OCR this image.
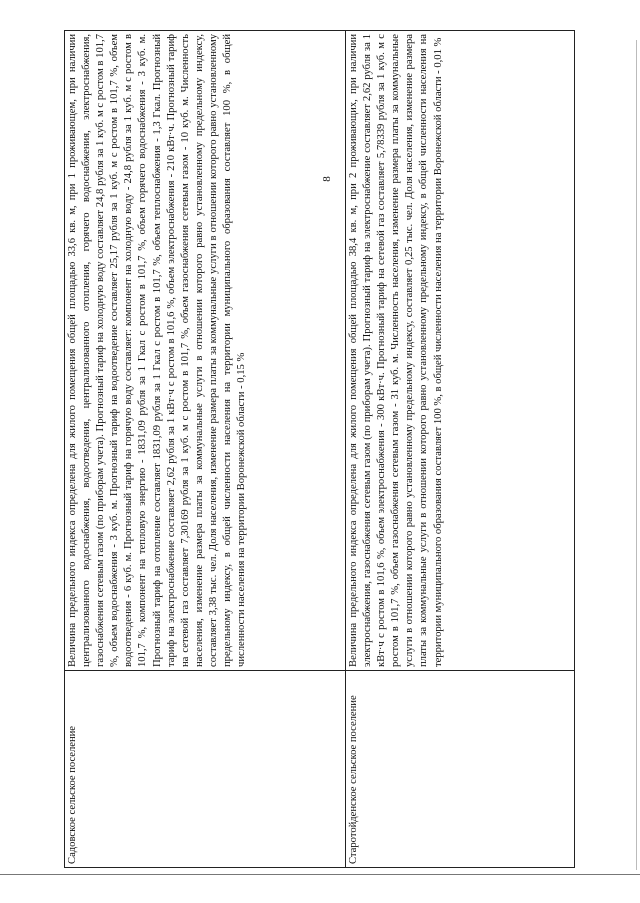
8
Садовское сельское поселение	Величина предельного индекса определена для жилого помещения общей площадью 33,6 кв. м, при 1 проживающем, при наличии централизованного водоснабжения, водоотведения, централизованного отопления, горячего водоснабжения, электроснабжения, газоснабжения сетевым газом (по приборам учета). Прогнозный тариф на холодную воду составляет 24,8 рубля за 1 куб. м с ростом в 101,7 %, объем водоснабжения - 3 куб. м. Прогнозный тариф на водоотведение составляет 25,17 рубля за 1 куб. м с ростом в 101,7 %, объем водоотведения - 6 куб. м. Прогнозный тариф на горячую воду составляет: компонент на холодную воду - 24,8 рубля за 1 куб. м с ростом в 101,7 %, компонент на тепловую энергию - 1831,09 рубля за 1 Гкал с ростом в 101,7 %, объем горячего водоснабжения - 3 куб. м. Прогнозный тариф на отопление составляет 1831,09 рубля за 1 Гкал с ростом в 101,7 %, объем теплоснабжения - 1,3 Гкал. Прогнозный тариф на электроснабжение составляет 2,62 рубля за 1 кВт·ч с ростом в 101,6 %, объем электроснабжения - 210 кВт·ч. Прогнозный тариф на сетевой газ составляет 7,30169 рубля за 1 куб. м с ростом в 101,7 %, объем газоснабжения сетевым газом - 10 куб. м. Численность населения, изменение размера платы за коммунальные услуги в отношении которого равно установленному предельному индексу, составляет 3,38 тыс. чел. Доля населения, изменение размера платы за коммунальные услуги в отношении которого равно установленному предельному индексу, в общей численности населения на территории муниципального образования составляет 100 %, в общей численности населения на территории Воронежской области - 0,15 %
Старотойденское сельское поселение	Величина предельного индекса определена для жилого помещения общей площадью 38,4 кв. м, при 2 проживающих, при наличии электроснабжения, газоснабжения сетевым газом (по приборам учета). Прогнозный тариф на электроснабжение составляет 2,62 рубля за 1 кВт·ч с ростом в 101,6 %, объем электроснабжения - 300 кВт·ч. Прогнозный тариф на сетевой газ составляет 5,78339 рубля за 1 куб. м с ростом в 101,7 %, объем газоснабжения сетевым газом - 31 куб. м. Численность населения, изменение размера платы за коммунальные услуги в отношении которого равно установленному предельному индексу, составляет 0,25 тыс. чел. Доля населения, изменение размера платы за коммунальные услуги в отношении которого равно установленному предельному индексу, в общей численности населения на территории муниципального образования составляет 100 %, в общей численности населения на территории Воронежской области - 0,01 %
